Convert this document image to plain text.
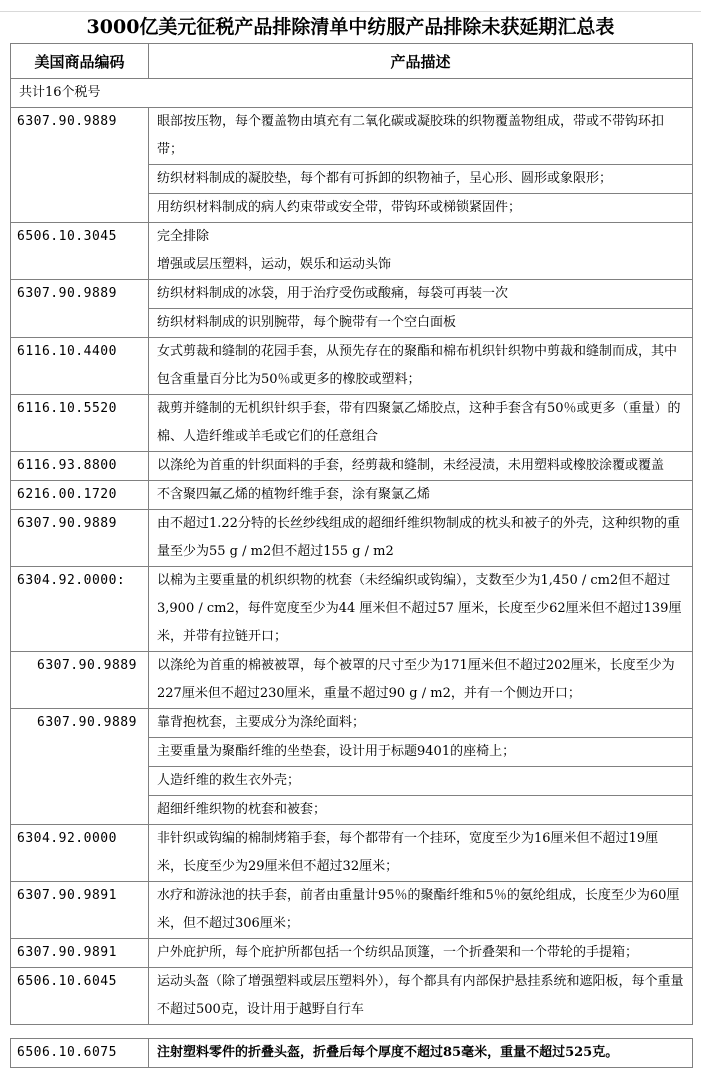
3000亿美元征税产品排除清单中纺服产品排除未获延期汇总表
美国商品编码	产品描述
共计16个税号	
6307.90.9889	眼部按压物，每个覆盖物由填充有二氧化碳或凝胶珠的织物覆盖物组成，带或不带钩环扣带；

	纺织材料制成的凝胶垫，每个都有可拆卸的织物袖子，呈心形、圆形或象限形；

	用纺织材料制成的病人约束带或安全带，带钩环或梯锁紧固件；

6506.10.3045	完全排除
增强或层压塑料，运动，娱乐和运动头饰

6307.90.9889	纺织材料制成的冰袋，用于治疗受伤或酸痛，每袋可再装一次

	纺织材料制成的识别腕带，每个腕带有一个空白面板

6116.10.4400	女式剪裁和缝制的花园手套，从预先存在的聚酯和棉布机织针织物中剪裁和缝制而成，其中包含重量百分比为50％或更多的橡胶或塑料；

6116.10.5520	裁剪并缝制的无机织针织手套，带有四聚氯乙烯胶点，这种手套含有50％或更多（重量）的棉、人造纤维或羊毛或它们的任意组合

6116.93.8800	以涤纶为首重的针织面料的手套，经剪裁和缝制，未经浸渍，未用塑料或橡胶涂覆或覆盖

6216.00.1720	不含聚四氟乙烯的植物纤维手套，涂有聚氯乙烯

6307.90.9889	由不超过1.22分特的长丝纱线组成的超细纤维织物制成的枕头和被子的外壳，这种织物的重量至少为55 g / m2但不超过155 g / m2

6304.92.0000:	以棉为主要重量的机织织物的枕套（未经编织或钩编），支数至少为1,450 / cm2但不超过3,900 / cm2，每件宽度至少为44 厘米但不超过57 厘米，长度至少62厘米但不超过139厘米，并带有拉链开口；

6307.90.9889	以涤纶为首重的棉被被罩，每个被罩的尺寸至少为171厘米但不超过202厘米，长度至少为227厘米但不超过230厘米，重量不超过90 g / m2，并有一个侧边开口；

6307.90.9889	靠背抱枕套，主要成分为涤纶面料；

	主要重量为聚酯纤维的坐垫套，设计用于标题9401的座椅上；

	人造纤维的救生衣外壳；

	超细纤维织物的枕套和被套；

6304.92.0000	非针织或钩编的棉制烤箱手套，每个都带有一个挂环，宽度至少为16厘米但不超过19厘米，长度至少为29厘米但不超过32厘米；

6307.90.9891	水疗和游泳池的扶手套，前者由重量计95％的聚酯纤维和5％的氨纶组成，长度至少为60厘米，但不超过306厘米；

6307.90.9891	户外庇护所，每个庇护所都包括一个纺织品顶篷，一个折叠架和一个带轮的手提箱；

6506.10.6045	运动头盔（除了增强塑料或层压塑料外），每个都具有内部保护悬挂系统和遮阳板，每个重量不超过500克，设计用于越野自行车
6506.10.6075	注射塑料零件的折叠头盔，折叠后每个厚度不超过85毫米，重量不超过525克。
